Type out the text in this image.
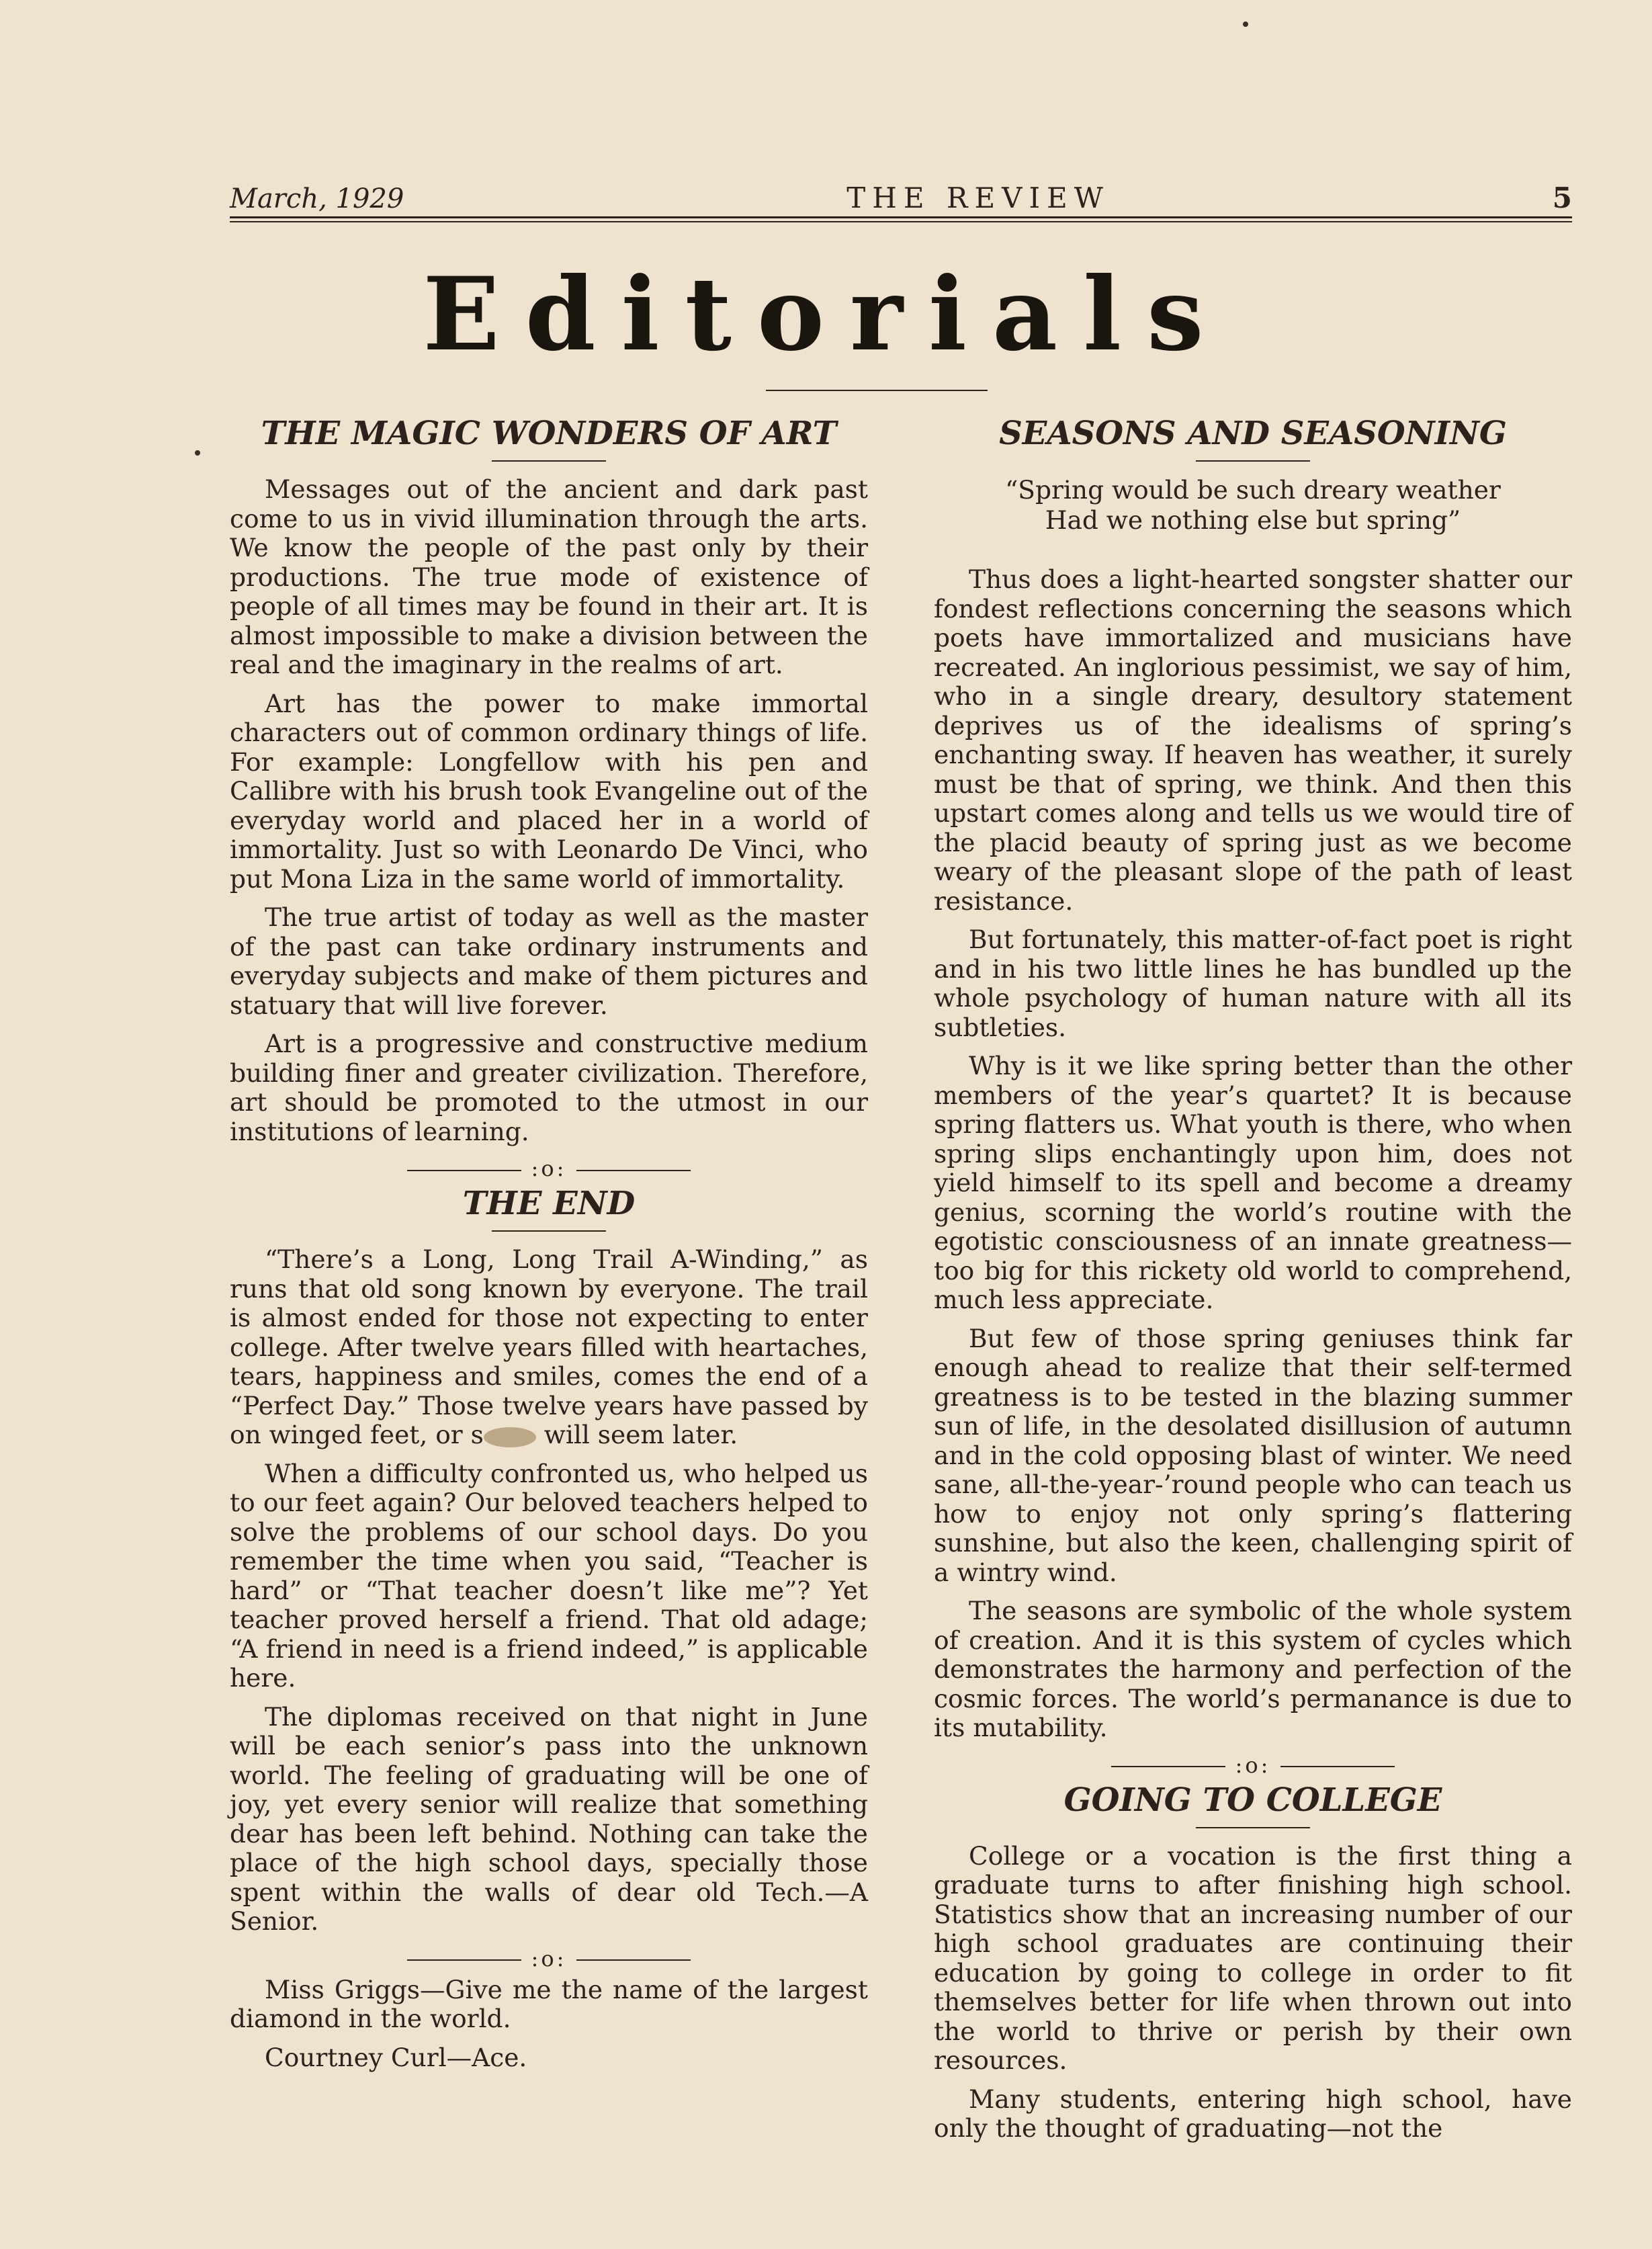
March, 1929	THE REVIEW	5
Editorials
THE MAGIC WONDERS OF ART

Messages out of the ancient and dark past come to us in vivid illumination through the arts. We know the people of the past only by their productions. The true mode of existence of people of all times may be found in their art. It is almost impossible to make a division between the real and the imaginary in the realms of art.

Art has the power to make immortal characters out of common ordinary things of life. For example: Longfellow with his pen and Callibre with his brush took Evangeline out of the everyday world and placed her in a world of immortality. Just so with Leonardo De Vinci, who put Mona Liza in the same world of immortality.

The true artist of today as well as the master of the past can take ordinary instruments and everyday subjects and make of them pictures and statuary that will live forever.

Art is a progressive and constructive medium building finer and greater civilization. Therefore, art should be promoted to the utmost in our institutions of learning.

:o:
THE END

“There’s a Long, Long Trail A-Winding,” as runs that old song known by everyone. The trail is almost ended for those not expecting to enter college. After twelve years filled with heartaches, tears, happiness and smiles, comes the end of a “Perfect Day.” Those twelve years have passed by on winged feet, or s will seem later.

When a difficulty confronted us, who helped us to our feet again? Our beloved teachers helped to solve the problems of our school days. Do you remember the time when you said, “Teacher is hard” or “That teacher doesn’t like me”? Yet teacher proved herself a friend. That old adage; “A friend in need is a friend indeed,” is applicable here.

The diplomas received on that night in June will be each senior’s pass into the unknown world. The feeling of graduating will be one of joy, yet every senior will realize that something dear has been left behind. Nothing can take the place of the high school days, specially those spent within the walls of dear old Tech.—A Senior.

:o:

Miss Griggs—Give me the name of the largest diamond in the world.

Courtney Curl—Ace.

SEASONS AND SEASONING
“Spring would be such dreary weather
Had we nothing else but spring”

Thus does a light-hearted songster shatter our fondest reflections concerning the seasons which poets have immortalized and musicians have recreated. An inglorious pessimist, we say of him, who in a single dreary, desultory statement deprives us of the idealisms of spring’s enchanting sway. If heaven has weather, it surely must be that of spring, we think. And then this upstart comes along and tells us we would tire of the placid beauty of spring just as we become weary of the pleasant slope of the path of least resistance.

But fortunately, this matter-of-fact poet is right and in his two little lines he has bundled up the whole psychology of human nature with all its subtleties.

Why is it we like spring better than the other members of the year’s quartet? It is because spring flatters us. What youth is there, who when spring slips enchantingly upon him, does not yield himself to its spell and become a dreamy genius, scorning the world’s routine with the egotistic consciousness of an innate greatness—too big for this rickety old world to comprehend, much less appreciate.

But few of those spring geniuses think far enough ahead to realize that their self-termed greatness is to be tested in the blazing summer sun of life, in the desolated disillusion of autumn and in the cold opposing blast of winter. We need sane, all-the-year-’round people who can teach us how to enjoy not only spring’s flattering sunshine, but also the keen, challenging spirit of a wintry wind.

The seasons are symbolic of the whole system of creation. And it is this system of cycles which demonstrates the harmony and perfection of the cosmic forces. The world’s permanance is due to its mutability.

:o:
GOING TO COLLEGE

College or a vocation is the first thing a graduate turns to after finishing high school. Statistics show that an increasing number of our high school graduates are continuing their education by going to college in order to fit themselves better for life when thrown out into the world to thrive or perish by their own resources.

Many students, entering high school, have only the thought of graduating—not the
